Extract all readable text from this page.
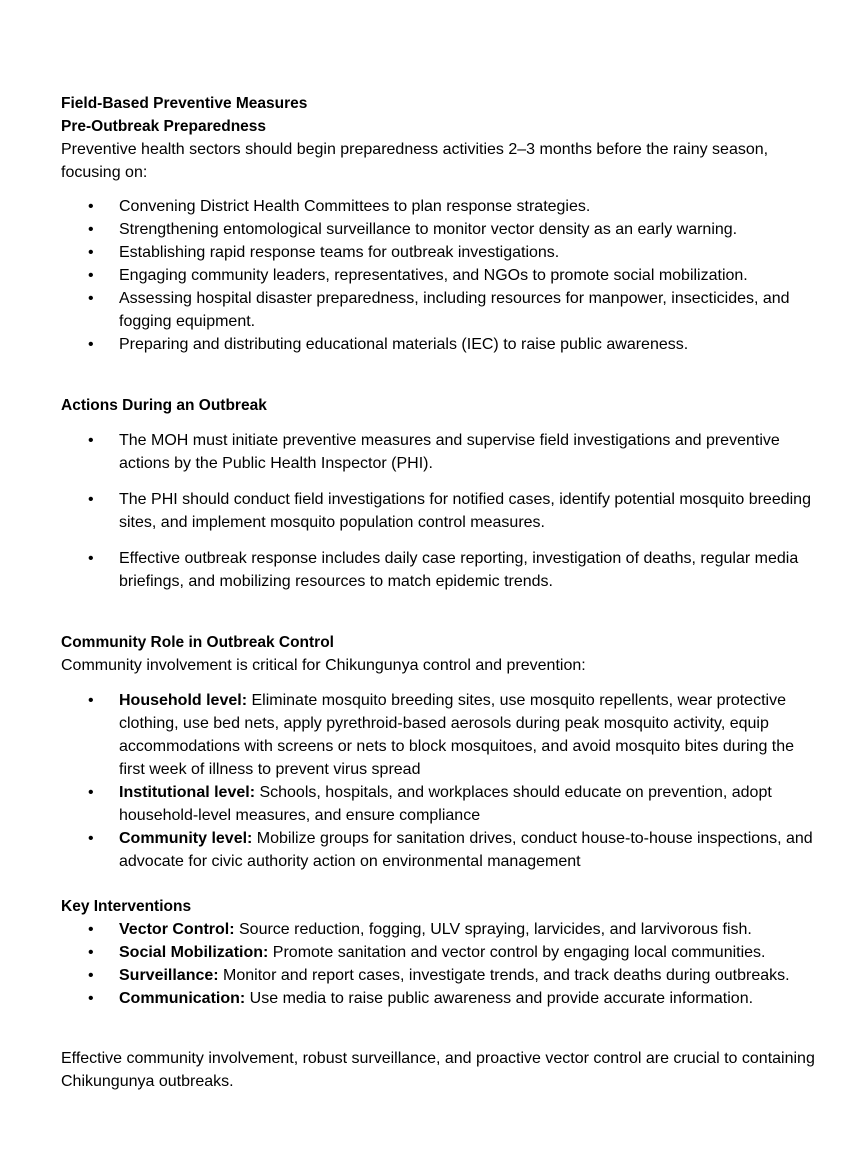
Field-Based Preventive Measures

Pre-Outbreak Preparedness

Preventive health sectors should begin preparedness activities 2–3 months before the rainy season, focusing on:

• Convening District Health Committees to plan response strategies.
• Strengthening entomological surveillance to monitor vector density as an early warning.
• Establishing rapid response teams for outbreak investigations.
• Engaging community leaders, representatives, and NGOs to promote social mobilization.
• Assessing hospital disaster preparedness, including resources for manpower, insecticides, and fogging equipment.
• Preparing and distributing educational materials (IEC) to raise public awareness.

Actions During an Outbreak

• The MOH must initiate preventive measures and supervise field investigations and preventive actions by the Public Health Inspector (PHI).
• The PHI should conduct field investigations for notified cases, identify potential mosquito breeding sites, and implement mosquito population control measures.
• Effective outbreak response includes daily case reporting, investigation of deaths, regular media briefings, and mobilizing resources to match epidemic trends.

Community Role in Outbreak Control

Community involvement is critical for Chikungunya control and prevention:

• Household level: Eliminate mosquito breeding sites, use mosquito repellents, wear protective clothing, use bed nets, apply pyrethroid-based aerosols during peak mosquito activity, equip accommodations with screens or nets to block mosquitoes, and avoid mosquito bites during the first week of illness to prevent virus spread
• Institutional level: Schools, hospitals, and workplaces should educate on prevention, adopt household-level measures, and ensure compliance
• Community level: Mobilize groups for sanitation drives, conduct house-to-house inspections, and advocate for civic authority action on environmental management

Key Interventions

• Vector Control: Source reduction, fogging, ULV spraying, larvicides, and larvivorous fish.
• Social Mobilization: Promote sanitation and vector control by engaging local communities.
• Surveillance: Monitor and report cases, investigate trends, and track deaths during outbreaks.
• Communication: Use media to raise public awareness and provide accurate information.

Effective community involvement, robust surveillance, and proactive vector control are crucial to containing Chikungunya outbreaks.
